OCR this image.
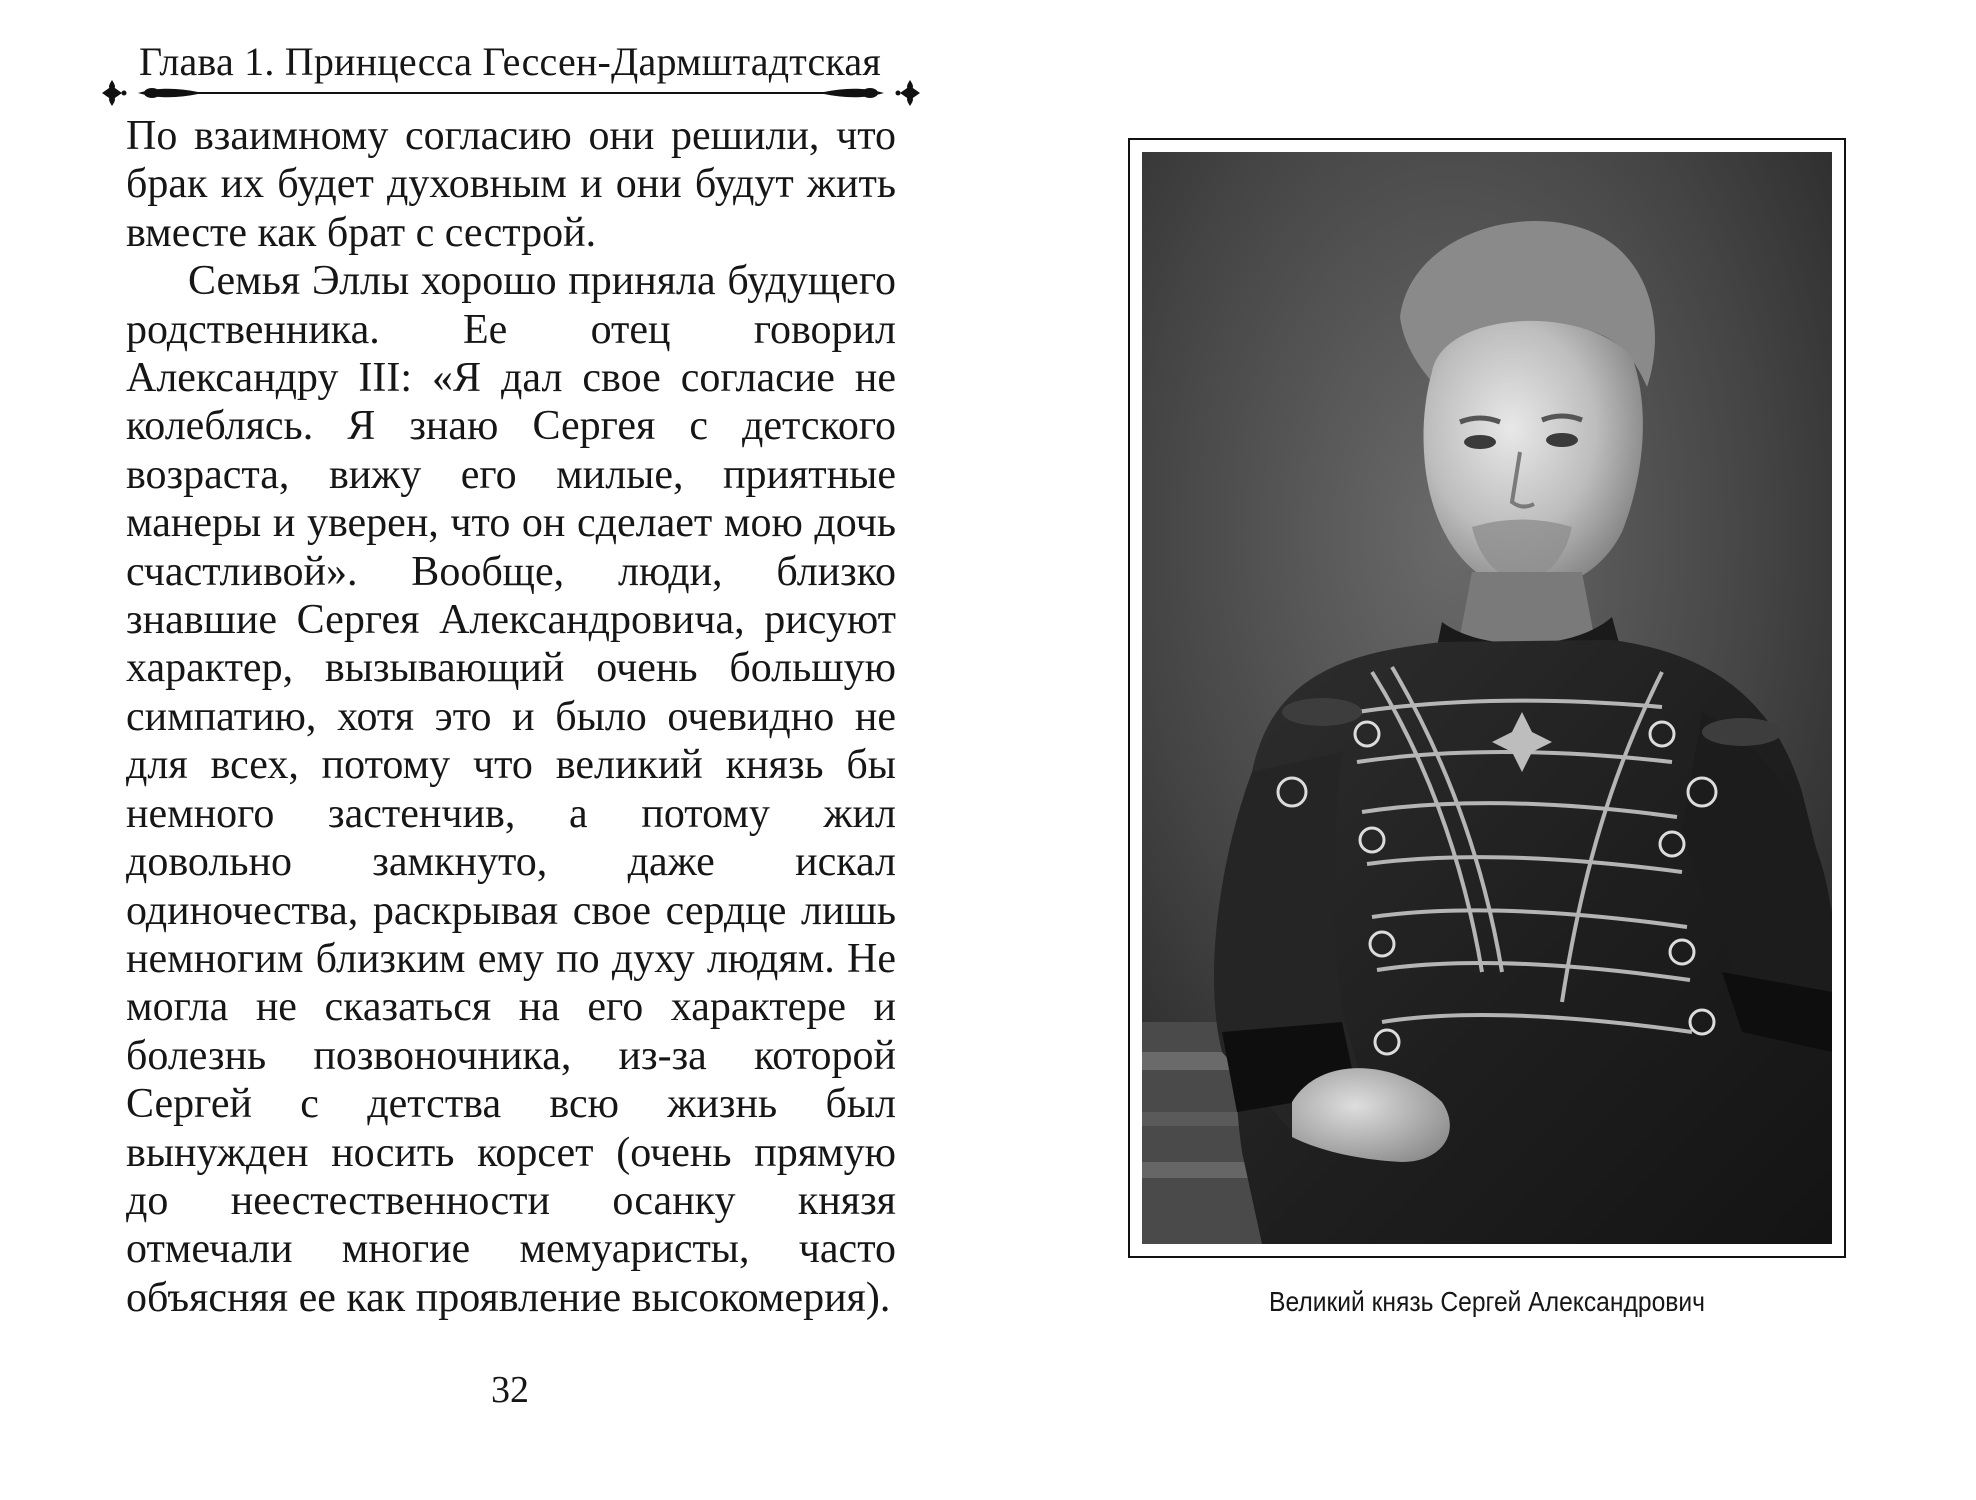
Глава 1. Принцесса Гессен-Дармштадтская

По взаимному согласию они решили, что брак их будет духовным и они будут жить вместе как брат с сестрой.

Семья Эллы хорошо приняла будущего родственника. Ее отец говорил Александру III: «Я дал свое согласие не колеблясь. Я знаю Сергея с детского возраста, вижу его милые, приятные манеры и уверен, что он сделает мою дочь счастливой». Вообще, люди, близко знавшие Сергея Александровича, рисуют характер, вызывающий очень большую симпатию, хотя это и было очевидно не для всех, потому что великий князь бы немного застенчив, а потому жил довольно замкнуто, даже искал одиночества, раскрывая свое сердце лишь немногим близким ему по духу людям. Не могла не сказаться на его характере и болезнь позвоночника, из-за которой Сергей с детства всю жизнь был вынужден носить корсет (очень прямую до неестественности осанку князя отмечали многие мемуаристы, часто объясняя ее как проявление высокомерия).

32
Великий князь Сергей Александрович
